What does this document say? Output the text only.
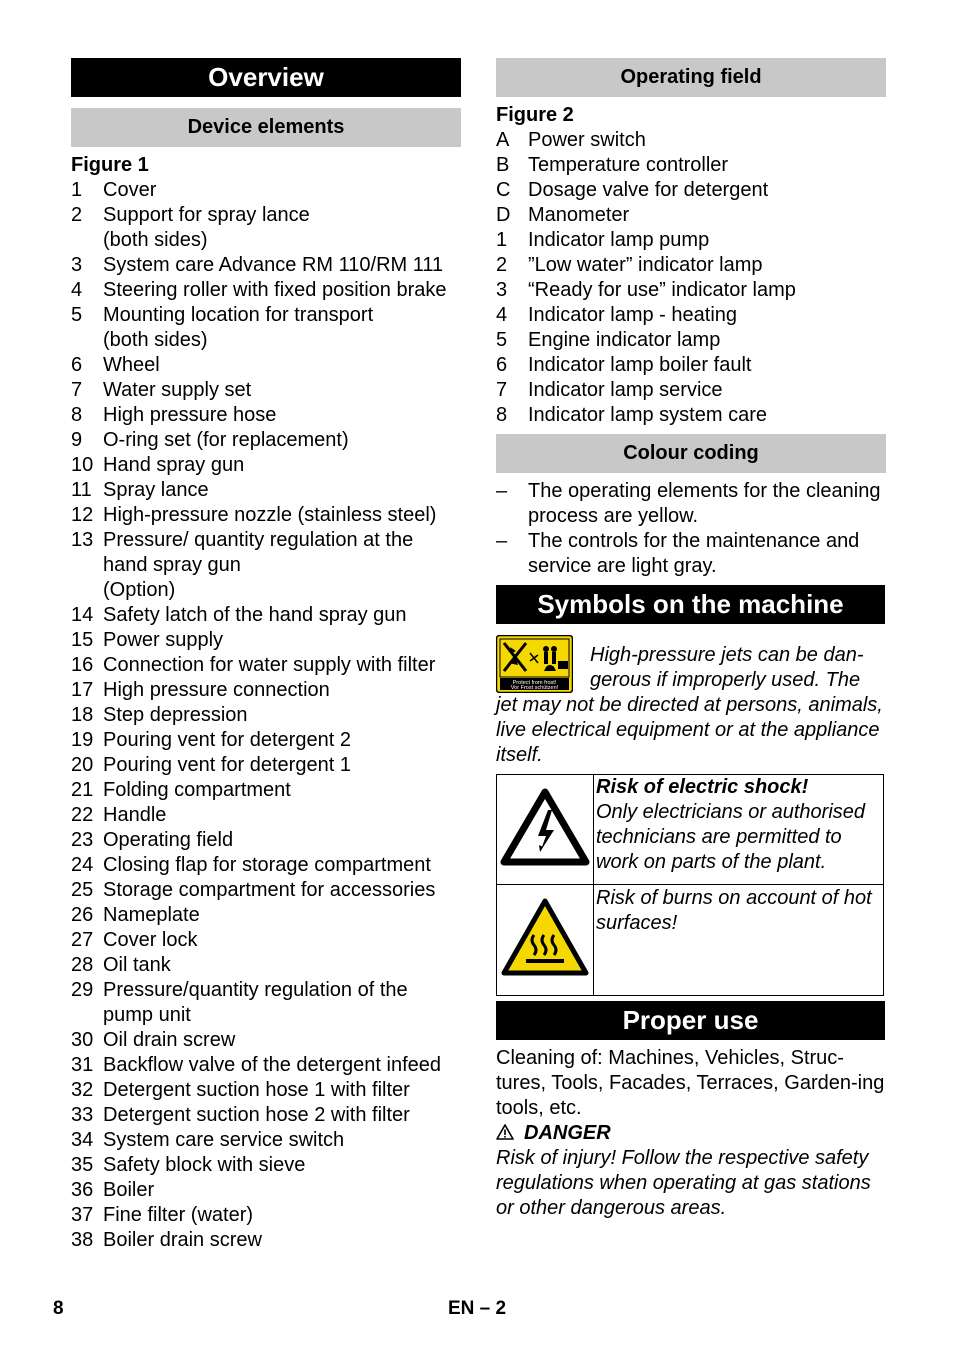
Overview
Device elements
Figure 1
1	Cover
2	Support for spray lance
(both sides)
3	System care Advance RM 110/RM 111
4	Steering roller with fixed position brake
5	Mounting location for transport
(both sides)
6	Wheel
7	Water supply set
8	High pressure hose
9	O-ring set (for replacement)
10 Hand spray gun
11 Spray lance
12 High-pressure nozzle (stainless steel)
13 Pressure/ quantity regulation at the
hand spray gun
(Option)
14 Safety latch of the hand spray gun
15 Power supply
16 Connection for water supply with filter
17 High pressure connection
18 Step depression
19 Pouring vent for detergent 2
20 Pouring vent for detergent 1
21 Folding compartment
22 Handle
23 Operating field
24 Closing flap for storage compartment
25 Storage compartment for accessories
26 Nameplate
27 Cover lock
28 Oil tank
29 Pressure/quantity regulation of the
pump unit
30 Oil drain screw
31 Backflow valve of the detergent infeed
32 Detergent suction hose 1 with filter
33 Detergent suction hose 2 with filter
34 System care service switch
35 Safety block with sieve
36 Boiler
37 Fine filter (water)
38 Boiler drain screw
Operating field
Figure 2
A Power switch
B Temperature controller
C Dosage valve for detergent
D Manometer
1	Indicator lamp pump
2	”Low water” indicator lamp
3	“Ready for use” indicator lamp
4	Indicator lamp - heating
5	Engine indicator lamp
6	Indicator lamp boiler fault
7	Indicator lamp service
8	Indicator lamp system care
Colour coding
–	The operating elements for the cleaning process are yellow.
–	The controls for the maintenance and service are light gray.
Symbols on the machine
Protect from frost!
Vor Frost schützen!
High-pressure jets can be dan-
gerous if improperly used. The
jet may not be directed at persons, animals, live electrical equipment or at the appliance itself.

Risk of electric shock!
Only electricians or authorised technicians are permitted to work on parts of the plant.

Risk of burns on account of hot surfaces!
Proper use
Cleaning of: Machines, Vehicles, Struc-tures, Tools, Facades, Terraces, Garden-ing tools, etc.
DANGER
Risk of injury! Follow the respective safety regulations when operating at gas stations or other dangerous areas.
8	EN – 2
